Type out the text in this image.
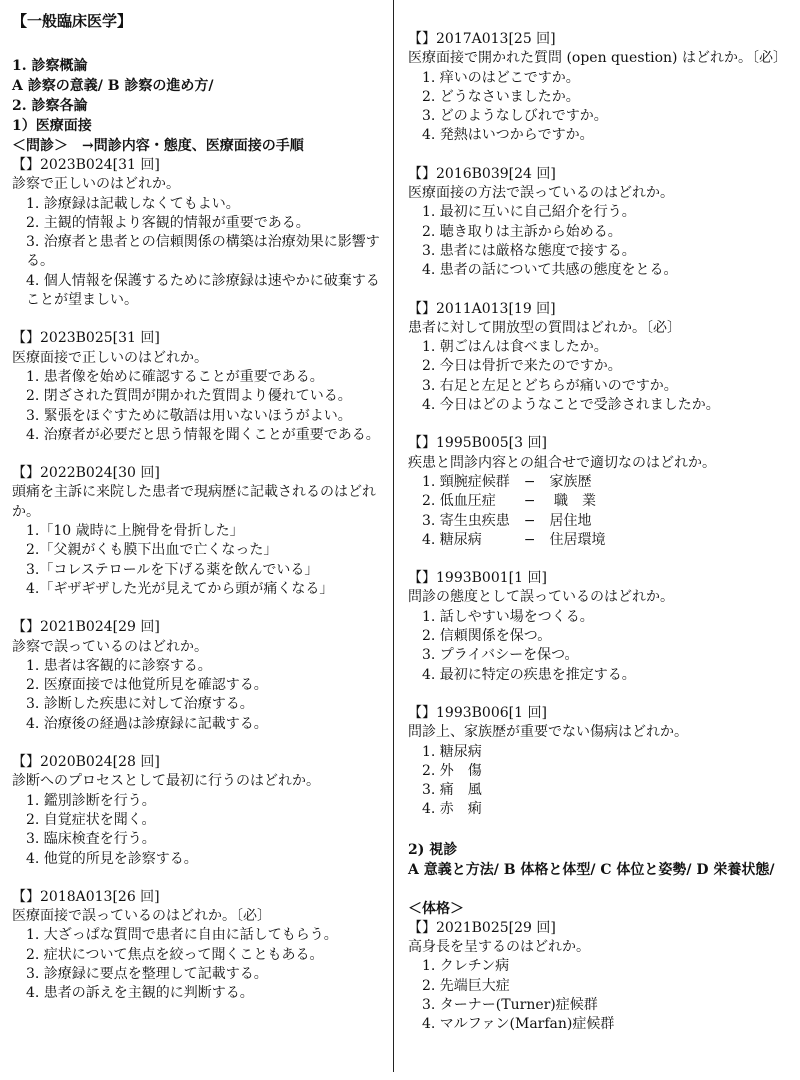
【一般臨床医学】

1. 診察概論

A 診察の意義/ B 診察の進め方/

2. 診察各論

1）医療面接

＜問診＞　→問診内容・態度、医療面接の手順

【】2023B024[31 回]

診察で正しいのはどれか。

1. 診療録は記載しなくてもよい。

2. 主観的情報より客観的情報が重要である。

3. 治療者と患者との信頼関係の構築は治療効果に影響する。

4. 個人情報を保護するために診療録は速やかに破棄することが望ましい。

【】2023B025[31 回]

医療面接で正しいのはどれか。

1. 患者像を始めに確認することが重要である。

2. 閉ざされた質問が開かれた質問より優れている。

3. 緊張をほぐすために敬語は用いないほうがよい。

4. 治療者が必要だと思う情報を聞くことが重要である。

【】2022B024[30 回]

頭痛を主訴に来院した患者で現病歴に記載されるのはどれか。

1.「10 歳時に上腕骨を骨折した」

2.「父親がくも膜下出血で亡くなった」

3.「コレステロールを下げる薬を飲んでいる」

4.「ギザギザした光が見えてから頭が痛くなる」

【】2021B024[29 回]

診察で誤っているのはどれか。

1. 患者は客観的に診察する。

2. 医療面接では他覚所見を確認する。

3. 診断した疾患に対して治療する。

4. 治療後の経過は診療録に記載する。

【】2020B024[28 回]

診断へのプロセスとして最初に行うのはどれか。

1. 鑑別診断を行う。

2. 自覚症状を聞く。

3. 臨床検査を行う。

4. 他覚的所見を診察する。

【】2018A013[26 回]

医療面接で誤っているのはどれか。〔必〕

1. 大ざっぱな質問で患者に自由に話してもらう。

2. 症状について焦点を絞って聞くこともある。

3. 診療録に要点を整理して記載する。

4. 患者の訴えを主観的に判断する。

【】2017A013[25 回]

医療面接で開かれた質問 (open question) はどれか。〔必〕

1. 痒いのはどこですか。

2. どうなさいましたか。

3. どのようなしびれですか。

4. 発熱はいつからですか。

【】2016B039[24 回]

医療面接の方法で誤っているのはどれか。

1. 最初に互いに自己紹介を行う。

2. 聴き取りは主訴から始める。

3. 患者には厳格な態度で接する。

4. 患者の話について共感の態度をとる。

【】2011A013[19 回]

患者に対して開放型の質問はどれか。〔必〕

1. 朝ごはんは食べましたか。

2. 今日は骨折で来たのですか。

3. 右足と左足とどちらが痛いのですか。

4. 今日はどのようなことで受診されましたか。

【】1995B005[3 回]

疾患と問診内容との組合せで適切なのはどれか。

1. 頸腕症候群　−　家族歴

2. 低血圧症　　−　 職　業

3. 寄生虫疾患　−　居住地

4. 糖尿病　　　−　住居環境

【】1993B001[1 回]

問診の態度として誤っているのはどれか。

1. 話しやすい場をつくる。

2. 信頼関係を保つ。

3. プライバシーを保つ。

4. 最初に特定の疾患を推定する。

【】1993B006[1 回]

問診上、家族歴が重要でない傷病はどれか。

1. 糖尿病

2. 外　傷

3. 痛　風

4. 赤　痢

2) 視診

A 意義と方法/ B 体格と体型/ C 体位と姿勢/ D 栄養状態/

＜体格＞

【】2021B025[29 回]

高身長を呈するのはどれか。

1. クレチン病

2. 先端巨大症

3. ターナー(Turner)症候群

4. マルファン(Marfan)症候群
